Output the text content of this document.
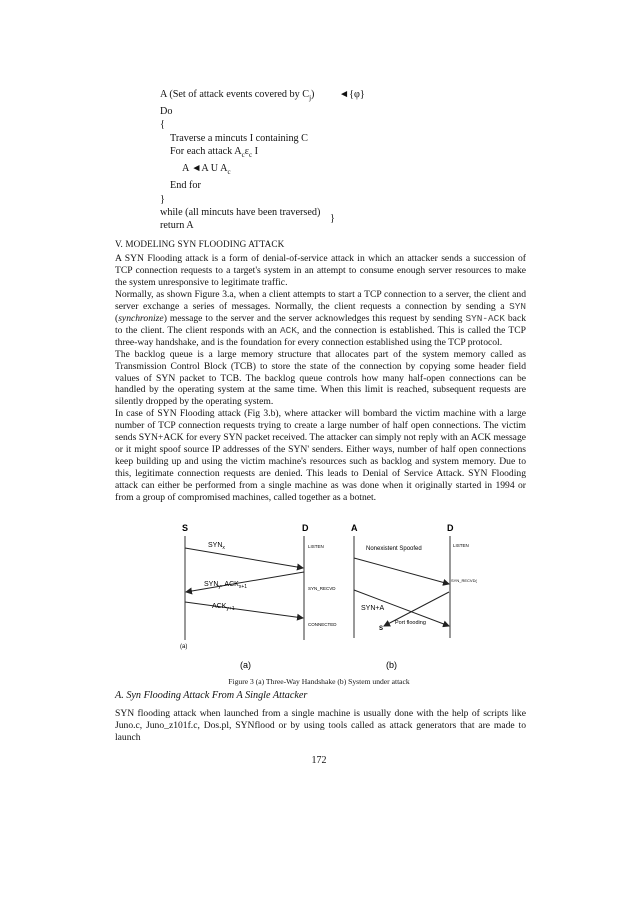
A (Set of attack events covered by $C_j$) ◄{φ}
Do
{
Traverse a mincuts I containing C
For each attack $A_c\varepsilon_c$ I
A ◄A U $A_c$
End for
}
while (all mincuts have been traversed)
return A
}
V. MODELING SYN FLOODING ATTACK

A SYN Flooding attack is a form of denial-of-service attack in which an attacker sends a succession of TCP connection requests to a target's system in an attempt to consume enough server resources to make the system unresponsive to legitimate traffic.

Normally, as shown Figure 3.a, when a client attempts to start a TCP connection to a server, the client and server exchange a series of messages. Normally, the client requests a connection by sending a SYN (synchronize) message to the server and the server acknowledges this request by sending SYN-ACK back to the client. The client responds with an ACK, and the connection is established. This is called the TCP three-way handshake, and is the foundation for every connection established using the TCP protocol.

The backlog queue is a large memory structure that allocates part of the system memory called as Transmission Control Block (TCB) to store the state of the connection by copying some header field values of SYN packet to TCB. The backlog queue controls how many half-open connections can be handled by the operating system at the same time. When this limit is reached, subsequent requests are silently dropped by the operating system.

In case of SYN Flooding attack (Fig 3.b), where attacker will bombard the victim machine with a large number of TCP connection requests trying to create a large number of half open connections. The victim sends SYN+ACK for every SYN packet received. The attacker can simply not reply with an ACK message or it might spoof source IP addresses of the SYN' senders. Either ways, number of half open connections keep building up and using the victim machine's resources such as backlog and system memory. Due to this, legitimate connection requests are denied. This leads to Denial of Service Attack. SYN Flooding attack can either be performed from a single machine as was done when it originally started in 1994 or from a group of compromised machines, called together as a botnet.

S	D
$SYN_x$	LISTEN
$SYN_y$, $ACK_{x+1}$	SYN_RECVD
$ACK_{y+1}$
CONNECTED
(a)
(a)
A	D
Nonexistent Spoofed
LISTEN
SYN_RECVD(
SYN+A
S
Port flooding
(b)
Figure 3 (a) Three-Way Handshake (b) System under attack
A. Syn Flooding Attack From A Single Attacker

SYN flooding attack when launched from a single machine is usually done with the help of scripts like Juno.c, Juno_z101f.c, Dos.pl, SYNflood or by using tools called as attack generators that are made to launch

172
